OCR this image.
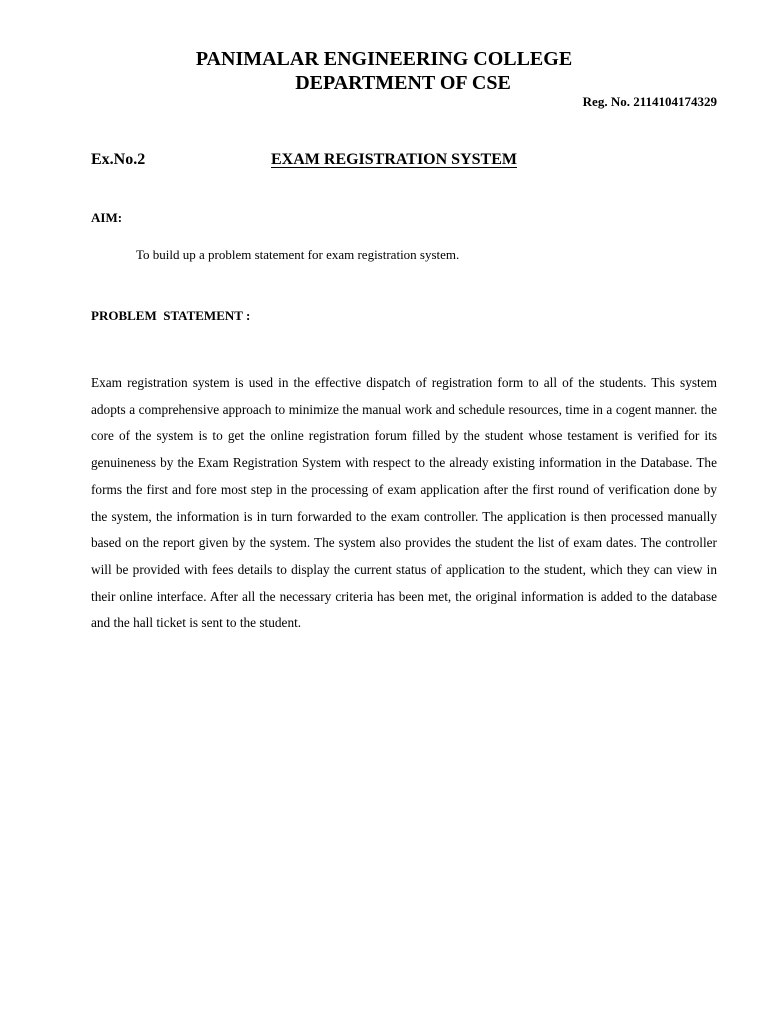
PANIMALAR ENGINEERING COLLEGE
DEPARTMENT OF CSE
Reg. No. 2114104174329
Ex.No.2	EXAM REGISTRATION SYSTEM
AIM:
To build up a problem statement for exam registration system.
PROBLEM  STATEMENT :

Exam registration system is used in the effective dispatch of registration form to all of the students. This system adopts a comprehensive approach to minimize the manual work and schedule resources, time in a cogent manner. the core of the system is to get the online registration forum filled by the student whose testament is verified for its genuineness by the Exam Registration System with respect to the already existing information in the Database. The forms the first and fore most step in the processing of exam application after the first round of verification done by the system, the information is in turn forwarded to the exam controller. The application is then processed manually based on the report given by the system. The system also provides the student the list of exam dates. The controller will be provided with fees details to display the current status of application to the student, which they can view in their online interface. After all the necessary criteria has been met, the original information is added to the database and the hall ticket is sent to the student.
